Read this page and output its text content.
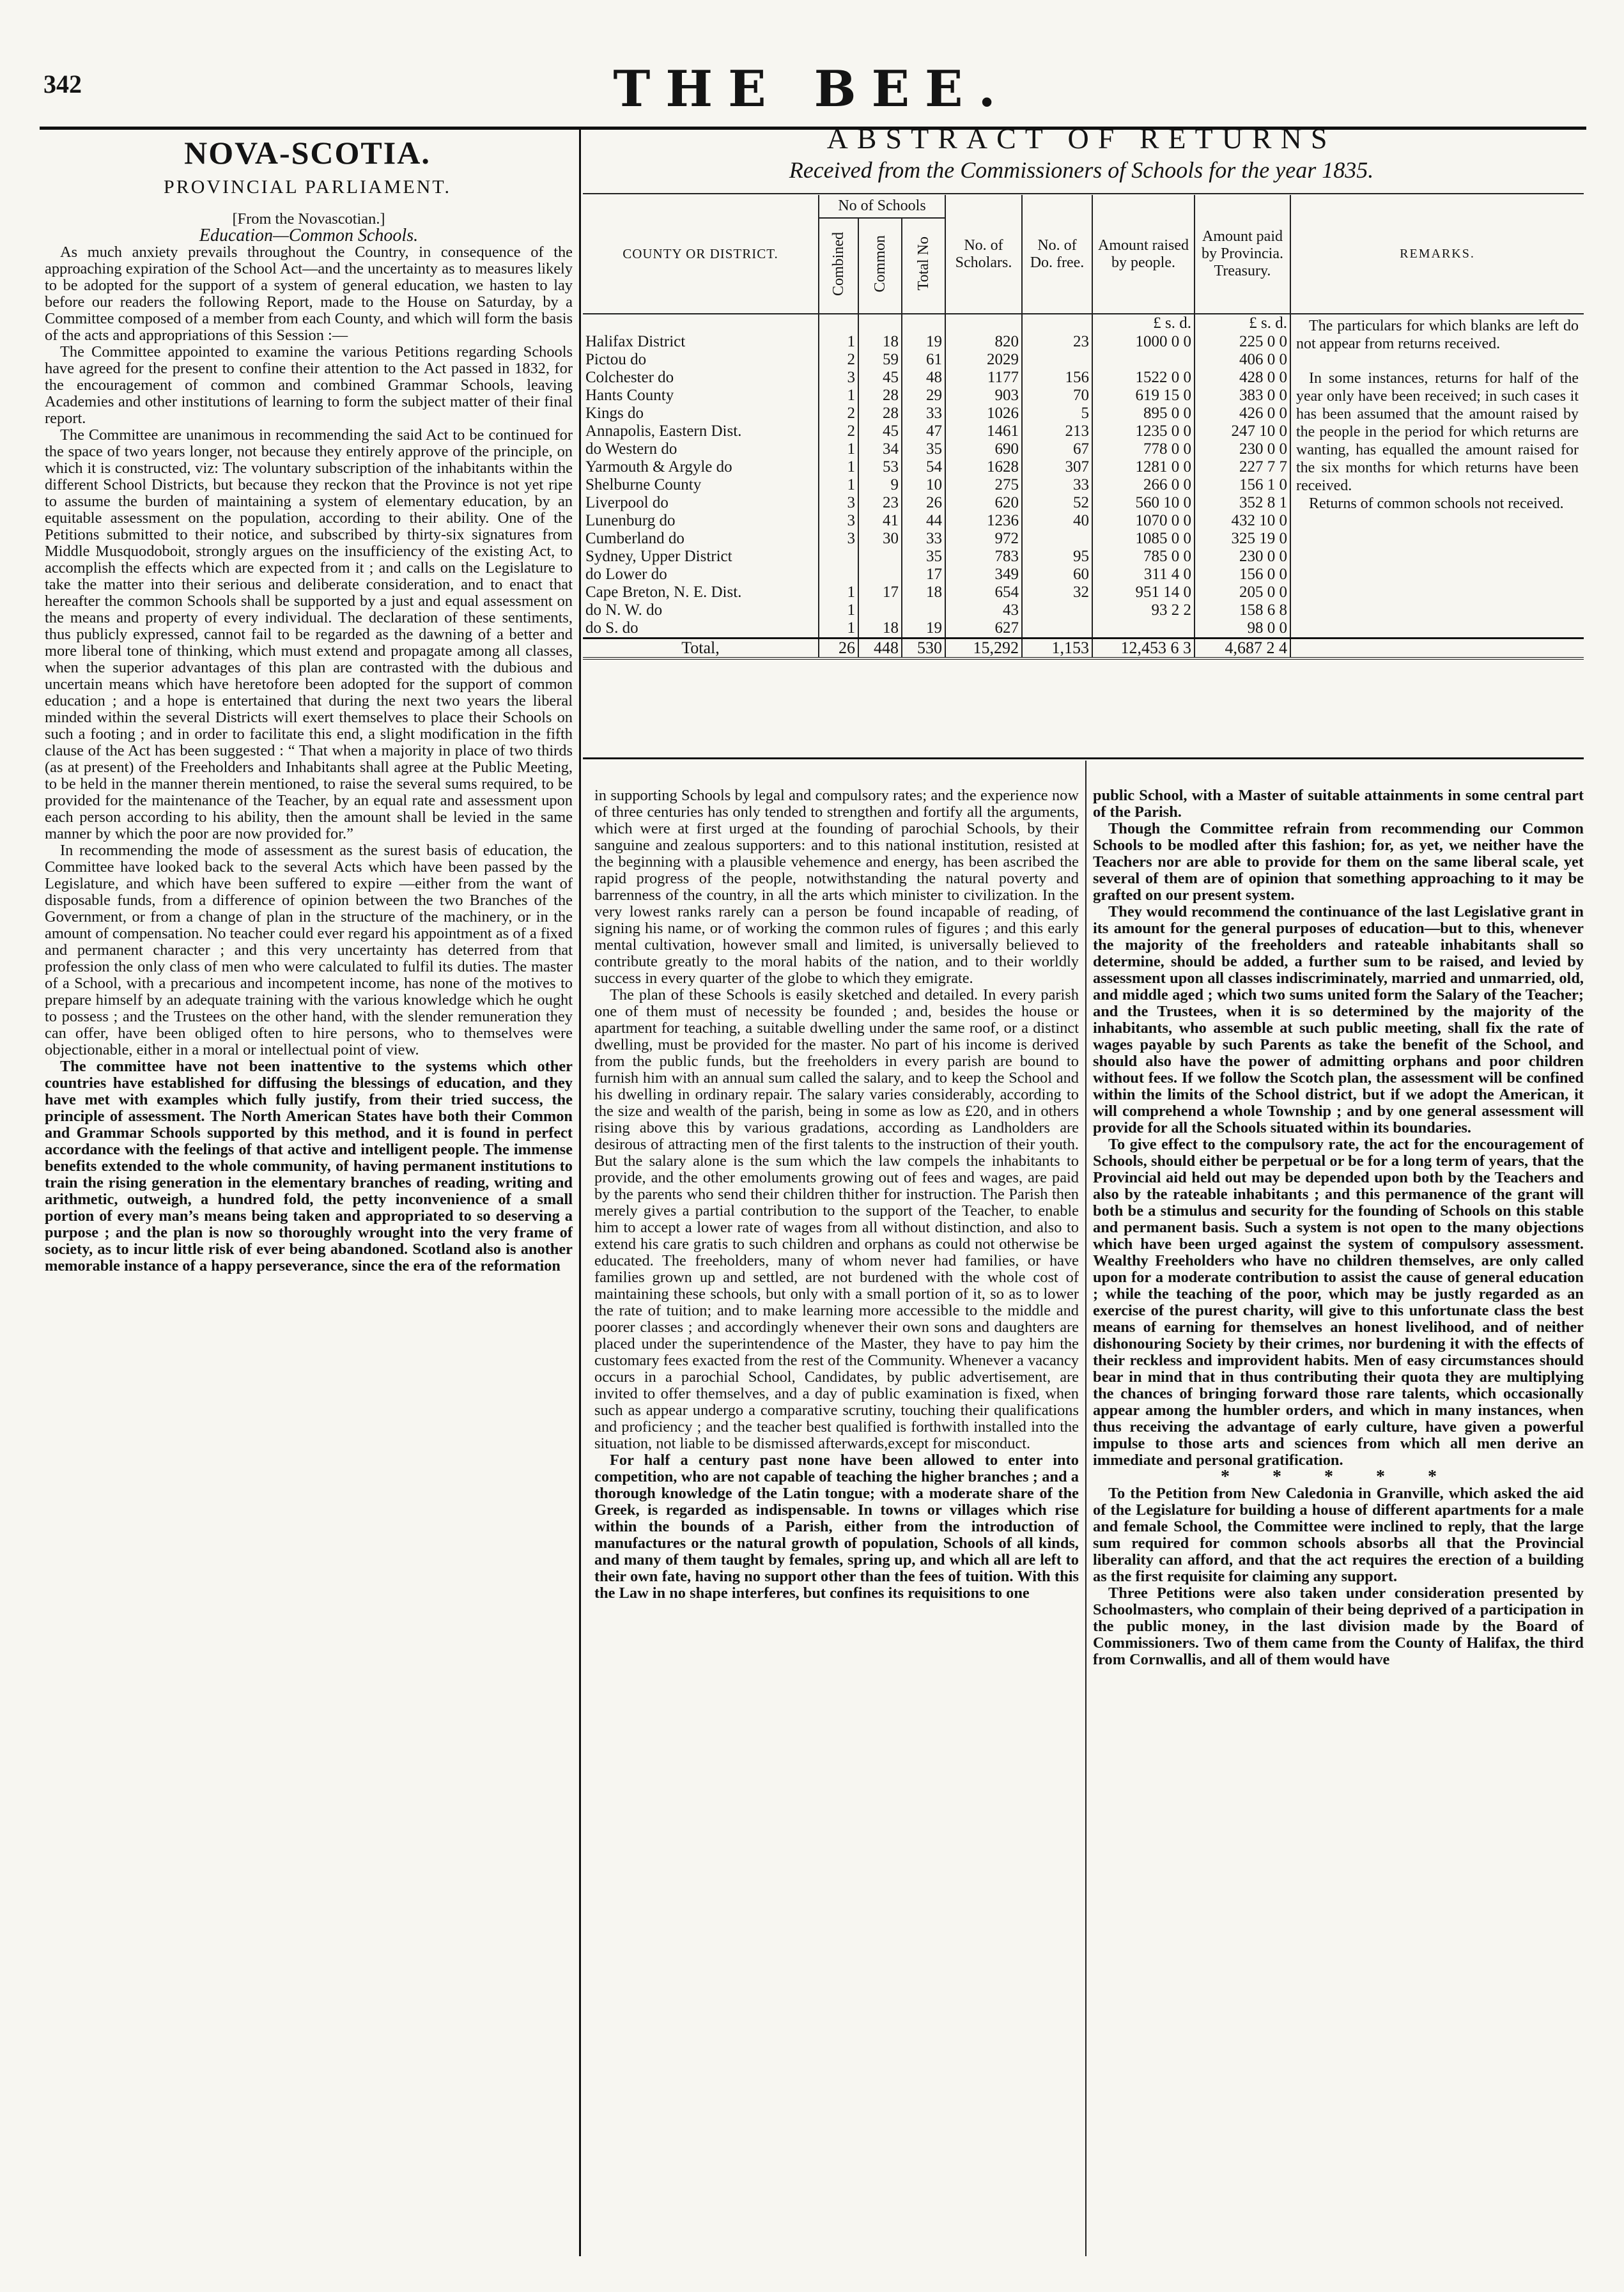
342	THE BEE.
NOVA-SCOTIA.
PROVINCIAL PARLIAMENT.
[From the Novascotian.]
Education—Common Schools.

As much anxiety prevails throughout the Country, in consequence of the approaching expiration of the School Act—and the uncertainty as to measures likely to be adopted for the support of a system of general education, we hasten to lay before our readers the following Report, made to the House on Saturday, by a Committee composed of a member from each County, and which will form the basis of the acts and appropriations of this Session :—

The Committee appointed to examine the various Petitions regarding Schools have agreed for the present to confine their attention to the Act passed in 1832, for the encouragement of common and combined Grammar Schools, leaving Academies and other institutions of learning to form the subject matter of their final report.

The Committee are unanimous in recommending the said Act to be continued for the space of two years longer, not because they entirely approve of the principle, on which it is constructed, viz: The voluntary subscription of the inhabitants within the different School Districts, but because they reckon that the Province is not yet ripe to assume the burden of maintaining a system of elementary education, by an equitable assessment on the population, according to their ability. One of the Petitions submitted to their notice, and subscribed by thirty-six signatures from Middle Musquodoboit, strongly argues on the insufficiency of the existing Act, to accomplish the effects which are expected from it ; and calls on the Legislature to take the matter into their serious and deliberate consideration, and to enact that hereafter the common Schools shall be supported by a just and equal assessment on the means and property of every individual. The declaration of these sentiments, thus publicly expressed, cannot fail to be regarded as the dawning of a better and more liberal tone of thinking, which must extend and propagate among all classes, when the superior advantages of this plan are contrasted with the dubious and uncertain means which have heretofore been adopted for the support of common education ; and a hope is entertained that during the next two years the liberal minded within the several Districts will exert themselves to place their Schools on such a footing ; and in order to facilitate this end, a slight modification in the fifth clause of the Act has been suggested : “ That when a majority in place of two thirds (as at present) of the Freeholders and Inhabitants shall agree at the Public Meeting, to be held in the manner therein mentioned, to raise the several sums required, to be provided for the maintenance of the Teacher, by an equal rate and assessment upon each person according to his ability, then the amount shall be levied in the same manner by which the poor are now provided for.”

In recommending the mode of assessment as the surest basis of education, the Committee have looked back to the several Acts which have been passed by the Legislature, and which have been suffered to expire —either from the want of disposable funds, from a difference of opinion between the two Branches of the Government, or from a change of plan in the structure of the machinery, or in the amount of compensation. No teacher could ever regard his appointment as of a fixed and permanent character ; and this very uncertainty has deterred from that profession the only class of men who were calculated to fulfil its duties. The master of a School, with a precarious and incompetent income, has none of the motives to prepare himself by an adequate training with the various knowledge which he ought to possess ; and the Trustees on the other hand, with the slender remuneration they can offer, have been obliged often to hire persons, who to themselves were objectionable, either in a moral or intellectual point of view.

The committee have not been inattentive to the systems which other countries have established for diffusing the blessings of education, and they have met with examples which fully justify, from their tried success, the principle of assessment. The North American States have both their Common and Grammar Schools supported by this method, and it is found in perfect accordance with the feelings of that active and intelligent people. The immense benefits extended to the whole community, of having permanent institutions to train the rising generation in the elementary branches of reading, writing and arithmetic, outweigh, a hundred fold, the petty inconvenience of a small portion of every man’s means being taken and appropriated to so deserving a purpose ; and the plan is now so thoroughly wrought into the very frame of society, as to incur little risk of ever being abandoned. Scotland also is another memorable instance of a happy perseverance, since the era of the reformation

ABSTRACT OF RETURNS
Received from the Commissioners of Schools for the year 1835.
COUNTY OR DISTRICT.	No of Schools			No. of Scholars.	No. of Do. free.	Amount raised by people.	Amount paid by Provincia. Treasury.	REMARKS.
	Combined	Common	Total No					
						£ s. d.	£ s. d.	The particulars for which blanks are left do not appear from returns received.
In some instances, returns for half of the year only have been received; in such cases it has been assumed that the amount raised by the people in the period for which returns are wanting, has equalled the amount raised for the six months for which returns have been received.
Returns of common schools not received.

Halifax District	1	18	19	820	23	1000 0 0	225 0 0	
Pictou do	2	59	61	2029			406 0 0	
Colchester do	3	45	48	1177	156	1522 0 0	428 0 0	
Hants County	1	28	29	903	70	619 15 0	383 0 0	
Kings do	2	28	33	1026	5	895 0 0	426 0 0	
Annapolis, Eastern Dist.	2	45	47	1461	213	1235 0 0	247 10 0	
do Western do	1	34	35	690	67	778 0 0	230 0 0	
Yarmouth & Argyle do	1	53	54	1628	307	1281 0 0	227 7 7	
Shelburne County	1	9	10	275	33	266 0 0	156 1 0	
Liverpool do	3	23	26	620	52	560 10 0	352 8 1	
Lunenburg do	3	41	44	1236	40	1070 0 0	432 10 0	
Cumberland do	3	30	33	972		1085 0 0	325 19 0	
Sydney, Upper District			35	783	95	785 0 0	230 0 0	
do Lower do			17	349	60	311 4 0	156 0 0	
Cape Breton, N. E. Dist.	1	17	18	654	32	951 14 0	205 0 0	
do N. W. do	1			43		93 2 2	158 6 8	
do S. do	1	18	19	627			98 0 0	
Total,	26	448	530	15,292	1,153	12,453 6 3	4,687 2 4	

in supporting Schools by legal and compulsory rates; and the experience now of three centuries has only tended to strengthen and fortify all the arguments, which were at first urged at the founding of parochial Schools, by their sanguine and zealous supporters: and to this national institution, resisted at the beginning with a plausible vehemence and energy, has been ascribed the rapid progress of the people, notwithstanding the natural poverty and barrenness of the country, in all the arts which minister to civilization. In the very lowest ranks rarely can a person be found incapable of reading, of signing his name, or of working the common rules of figures ; and this early mental cultivation, however small and limited, is universally believed to contribute greatly to the moral habits of the nation, and to their worldly success in every quarter of the globe to which they emigrate.

The plan of these Schools is easily sketched and detailed. In every parish one of them must of necessity be founded ; and, besides the house or apartment for teaching, a suitable dwelling under the same roof, or a distinct dwelling, must be provided for the master. No part of his income is derived from the public funds, but the freeholders in every parish are bound to furnish him with an annual sum called the salary, and to keep the School and his dwelling in ordinary repair. The salary varies considerably, according to the size and wealth of the parish, being in some as low as £20, and in others rising above this by various gradations, according as Landholders are desirous of attracting men of the first talents to the instruction of their youth. But the salary alone is the sum which the law compels the inhabitants to provide, and the other emoluments growing out of fees and wages, are paid by the parents who send their children thither for instruction. The Parish then merely gives a partial contribution to the support of the Teacher, to enable him to accept a lower rate of wages from all without distinction, and also to extend his care gratis to such children and orphans as could not otherwise be educated. The freeholders, many of whom never had families, or have families grown up and settled, are not burdened with the whole cost of maintaining these schools, but only with a small portion of it, so as to lower the rate of tuition; and to make learning more accessible to the middle and poorer classes ; and accordingly whenever their own sons and daughters are placed under the superintendence of the Master, they have to pay him the customary fees exacted from the rest of the Community. Whenever a vacancy occurs in a parochial School, Candidates, by public advertisement, are invited to offer themselves, and a day of public examination is fixed, when such as appear undergo a comparative scrutiny, touching their qualifications and proficiency ; and the teacher best qualified is forthwith installed into the situation, not liable to be dismissed afterwards,except for misconduct.

For half a century past none have been allowed to enter into competition, who are not capable of teaching the higher branches ; and a thorough knowledge of the Latin tongue; with a moderate share of the Greek, is regarded as indispensable. In towns or villages which rise within the bounds of a Parish, either from the introduction of manufactures or the natural growth of population, Schools of all kinds, and many of them taught by females, spring up, and which all are left to their own fate, having no support other than the fees of tuition. With this the Law in no shape interferes, but confines its requisitions to one

public School, with a Master of suitable attainments in some central part of the Parish.

Though the Committee refrain from recommending our Common Schools to be modled after this fashion; for, as yet, we neither have the Teachers nor are able to provide for them on the same liberal scale, yet several of them are of opinion that something approaching to it may be grafted on our present system.

They would recommend the continuance of the last Legislative grant in its amount for the general purposes of education—but to this, whenever the majority of the freeholders and rateable inhabitants shall so determine, should be added, a further sum to be raised, and levied by assessment upon all classes indiscriminately, married and unmarried, old, and middle aged ; which two sums united form the Salary of the Teacher; and the Trustees, when it is so determined by the majority of the inhabitants, who assemble at such public meeting, shall fix the rate of wages payable by such Parents as take the benefit of the School, and should also have the power of admitting orphans and poor children without fees. If we follow the Scotch plan, the assessment will be confined within the limits of the School district, but if we adopt the American, it will comprehend a whole Township ; and by one general assessment will provide for all the Schools situated within its boundaries.

To give effect to the compulsory rate, the act for the encouragement of Schools, should either be perpetual or be for a long term of years, that the Provincial aid held out may be depended upon both by the Teachers and also by the rateable inhabitants ; and this permanence of the grant will both be a stimulus and security for the founding of Schools on this stable and permanent basis. Such a system is not open to the many objections which have been urged against the system of compulsory assessment. Wealthy Freeholders who have no children themselves, are only called upon for a moderate contribution to assist the cause of general education ; while the teaching of the poor, which may be justly regarded as an exercise of the purest charity, will give to this unfortunate class the best means of earning for themselves an honest livelihood, and of neither dishonouring Society by their crimes, nor burdening it with the effects of their reckless and improvident habits. Men of easy circumstances should bear in mind that in thus contributing their quota they are multiplying the chances of bringing forward those rare talents, which occasionally appear among the humbler orders, and which in many instances, when thus receiving the advantage of early culture, have given a powerful impulse to those arts and sciences from which all men derive an immediate and personal gratification.

* * * * *

To the Petition from New Caledonia in Granville, which asked the aid of the Legislature for building a house of different apartments for a male and female School, the Committee were inclined to reply, that the large sum required for common schools absorbs all that the Provincial liberality can afford, and that the act requires the erection of a building as the first requisite for claiming any support.

Three Petitions were also taken under consideration presented by Schoolmasters, who complain of their being deprived of a participation in the public money, in the last division made by the Board of Commissioners. Two of them came from the County of Halifax, the third from Cornwallis, and all of them would have
